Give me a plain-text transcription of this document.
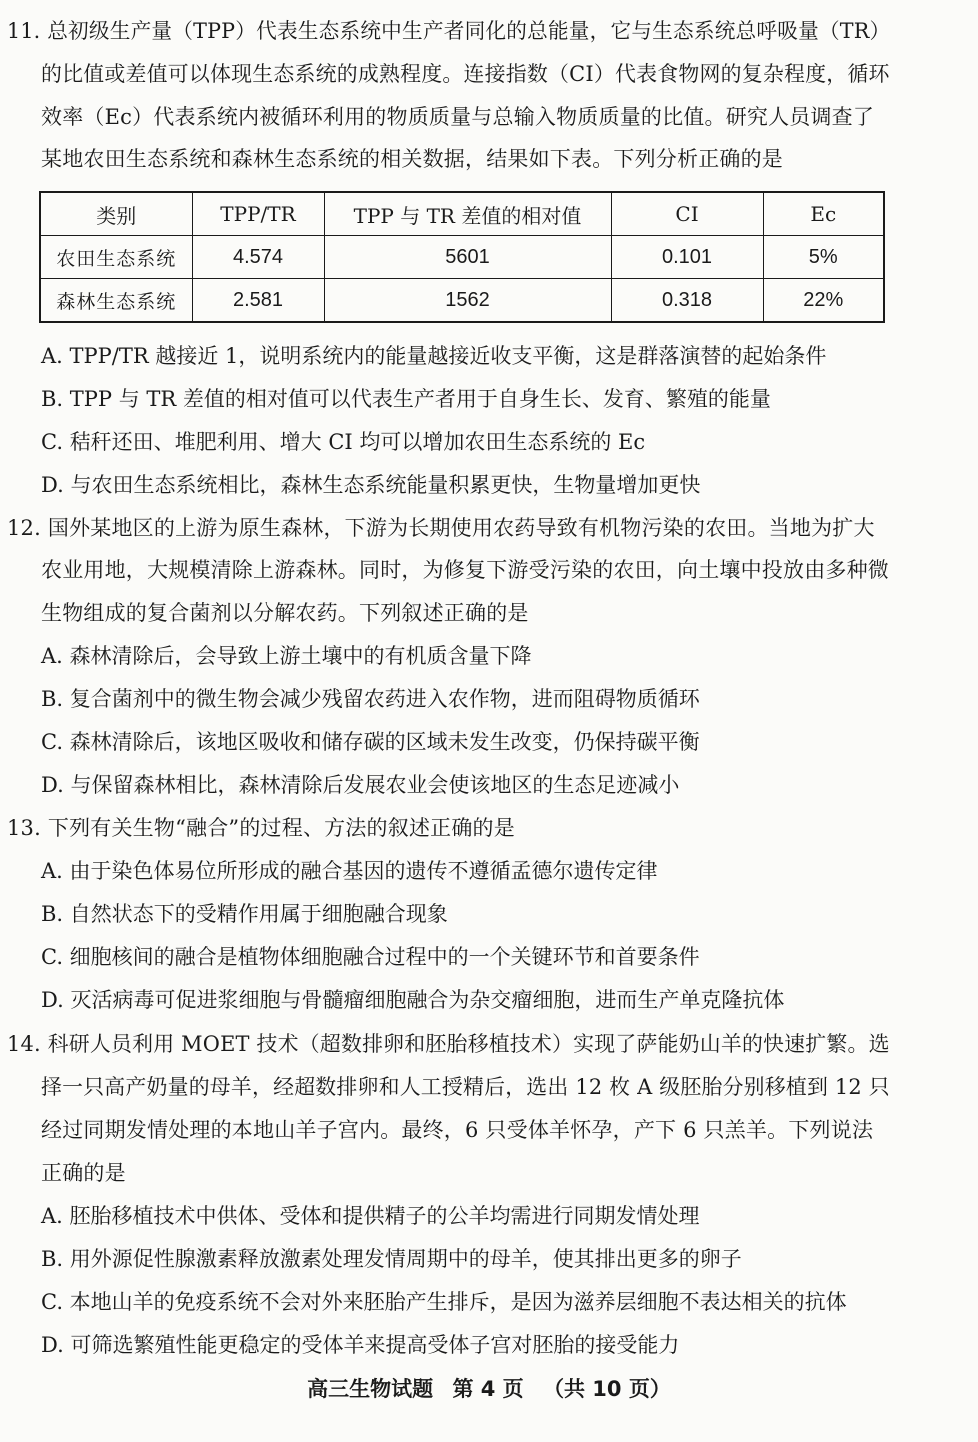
11. 总初级生产量（TPP）代表生态系统中生产者同化的总能量，它与生态系统总呼吸量（TR）
的比值或差值可以体现生态系统的成熟程度。连接指数（CI）代表食物网的复杂程度，循环
效率（Ec）代表系统内被循环利用的物质质量与总输入物质质量的比值。研究人员调查了
某地农田生态系统和森林生态系统的相关数据，结果如下表。下列分析正确的是
类别	TPP/TR	TPP 与 TR 差值的相对值	CI	Ec
农田生态系统	4.574	5601	0.101	5%
森林生态系统	2.581	1562	0.318	22%
A. TPP/TR 越接近 1，说明系统内的能量越接近收支平衡，这是群落演替的起始条件
B. TPP 与 TR 差值的相对值可以代表生产者用于自身生长、发育、繁殖的能量
C. 秸秆还田、堆肥利用、增大 CI 均可以增加农田生态系统的 Ec
D. 与农田生态系统相比，森林生态系统能量积累更快，生物量增加更快
12. 国外某地区的上游为原生森林，下游为长期使用农药导致有机物污染的农田。当地为扩大
农业用地，大规模清除上游森林。同时，为修复下游受污染的农田，向土壤中投放由多种微
生物组成的复合菌剂以分解农药。下列叙述正确的是
A. 森林清除后，会导致上游土壤中的有机质含量下降
B. 复合菌剂中的微生物会减少残留农药进入农作物，进而阻碍物质循环
C. 森林清除后，该地区吸收和储存碳的区域未发生改变，仍保持碳平衡
D. 与保留森林相比，森林清除后发展农业会使该地区的生态足迹减小
13. 下列有关生物“融合”的过程、方法的叙述正确的是
A. 由于染色体易位所形成的融合基因的遗传不遵循孟德尔遗传定律
B. 自然状态下的受精作用属于细胞融合现象
C. 细胞核间的融合是植物体细胞融合过程中的一个关键环节和首要条件
D. 灭活病毒可促进浆细胞与骨髓瘤细胞融合为杂交瘤细胞，进而生产单克隆抗体
14. 科研人员利用 MOET 技术（超数排卵和胚胎移植技术）实现了萨能奶山羊的快速扩繁。选
择一只高产奶量的母羊，经超数排卵和人工授精后，选出 12 枚 A 级胚胎分别移植到 12 只
经过同期发情处理的本地山羊子宫内。最终，6 只受体羊怀孕，产下 6 只羔羊。下列说法
正确的是
A. 胚胎移植技术中供体、受体和提供精子的公羊均需进行同期发情处理
B. 用外源促性腺激素释放激素处理发情周期中的母羊，使其排出更多的卵子
C. 本地山羊的免疫系统不会对外来胚胎产生排斥，是因为滋养层细胞不表达相关的抗体
D. 可筛选繁殖性能更稳定的受体羊来提高受体子宫对胚胎的接受能力
高三生物试题 第 4 页 （共 10 页）
